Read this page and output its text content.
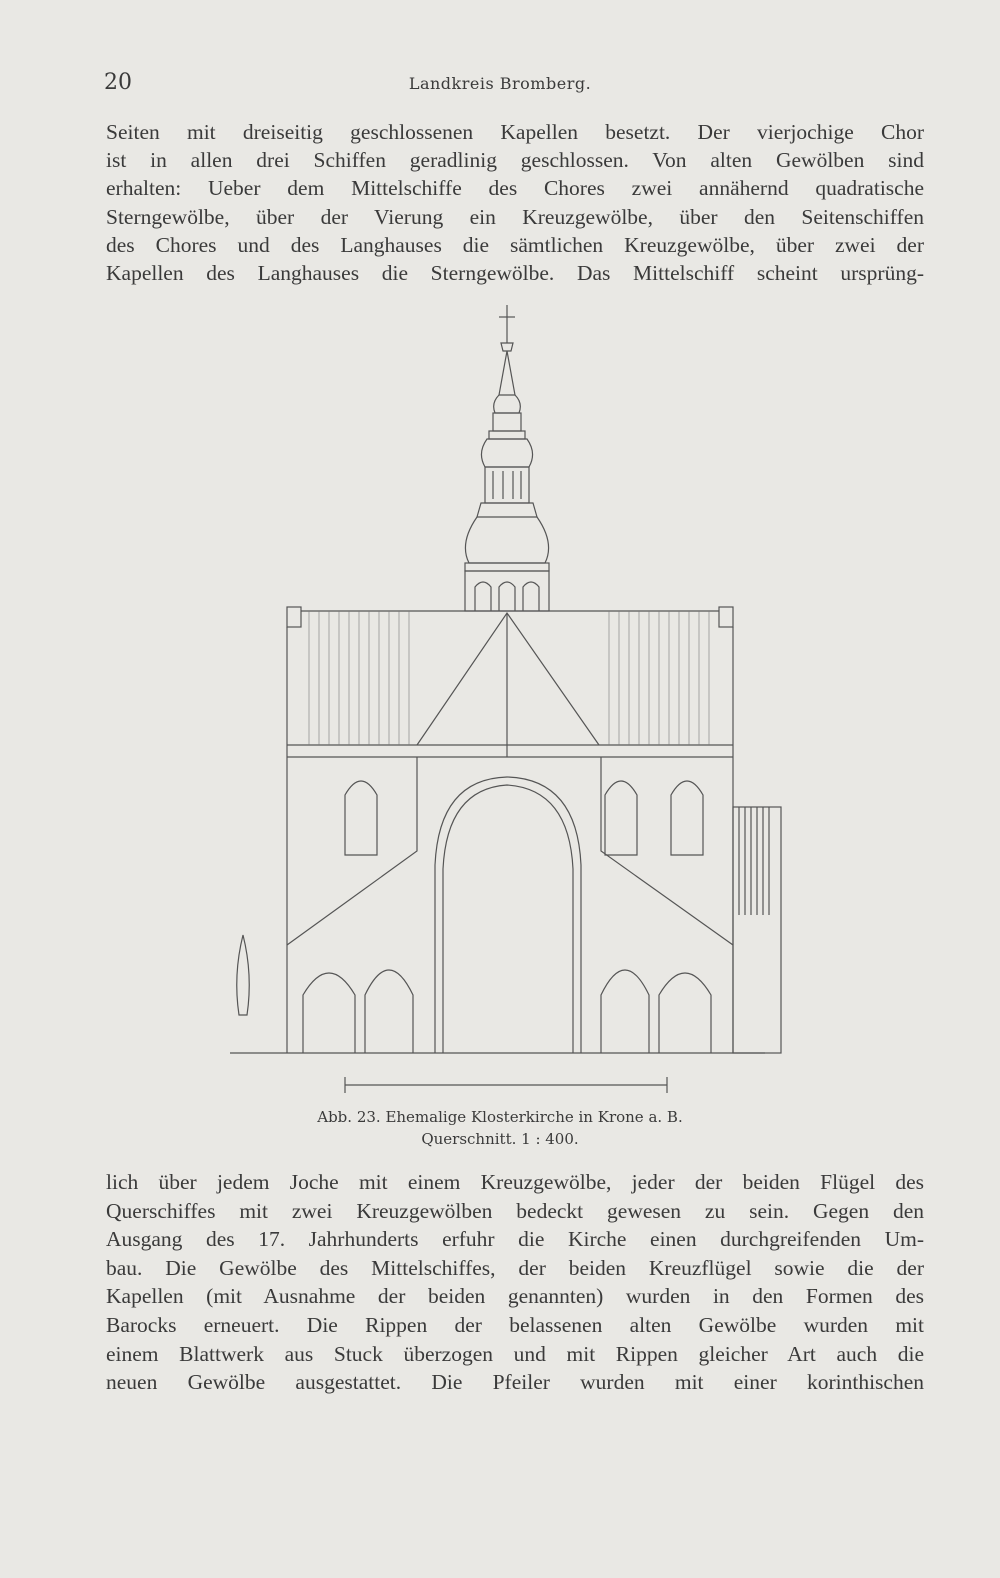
20	Landkreis Bromberg.

Seiten mit dreiseitig geschlossenen Kapellen besetzt. Der vierjochige Chor
ist in allen drei Schiffen geradlinig geschlossen. Von alten Gewölben sind
erhalten: Ueber dem Mittelschiffe des Chores zwei annähernd quadratische
Sterngewölbe, über der Vierung ein Kreuzgewölbe, über den Seitenschiffen
des Chores und des Langhauses die sämtlichen Kreuzgewölbe, über zwei der
Kapellen des Langhauses die Sterngewölbe. Das Mittelschiff scheint ursprüng-

Abb. 23. Ehemalige Klosterkirche in Krone a. B.
Querschnitt. 1 : 400.

lich über jedem Joche mit einem Kreuzgewölbe, jeder der beiden Flügel des
Querschiffes mit zwei Kreuzgewölben bedeckt gewesen zu sein. Gegen den
Ausgang des 17. Jahrhunderts erfuhr die Kirche einen durchgreifenden Um-
bau. Die Gewölbe des Mittelschiffes, der beiden Kreuzflügel sowie die der
Kapellen (mit Ausnahme der beiden genannten) wurden in den Formen des
Barocks erneuert. Die Rippen der belassenen alten Gewölbe wurden mit
einem Blattwerk aus Stuck überzogen und mit Rippen gleicher Art auch die
neuen Gewölbe ausgestattet. Die Pfeiler wurden mit einer korinthischen
